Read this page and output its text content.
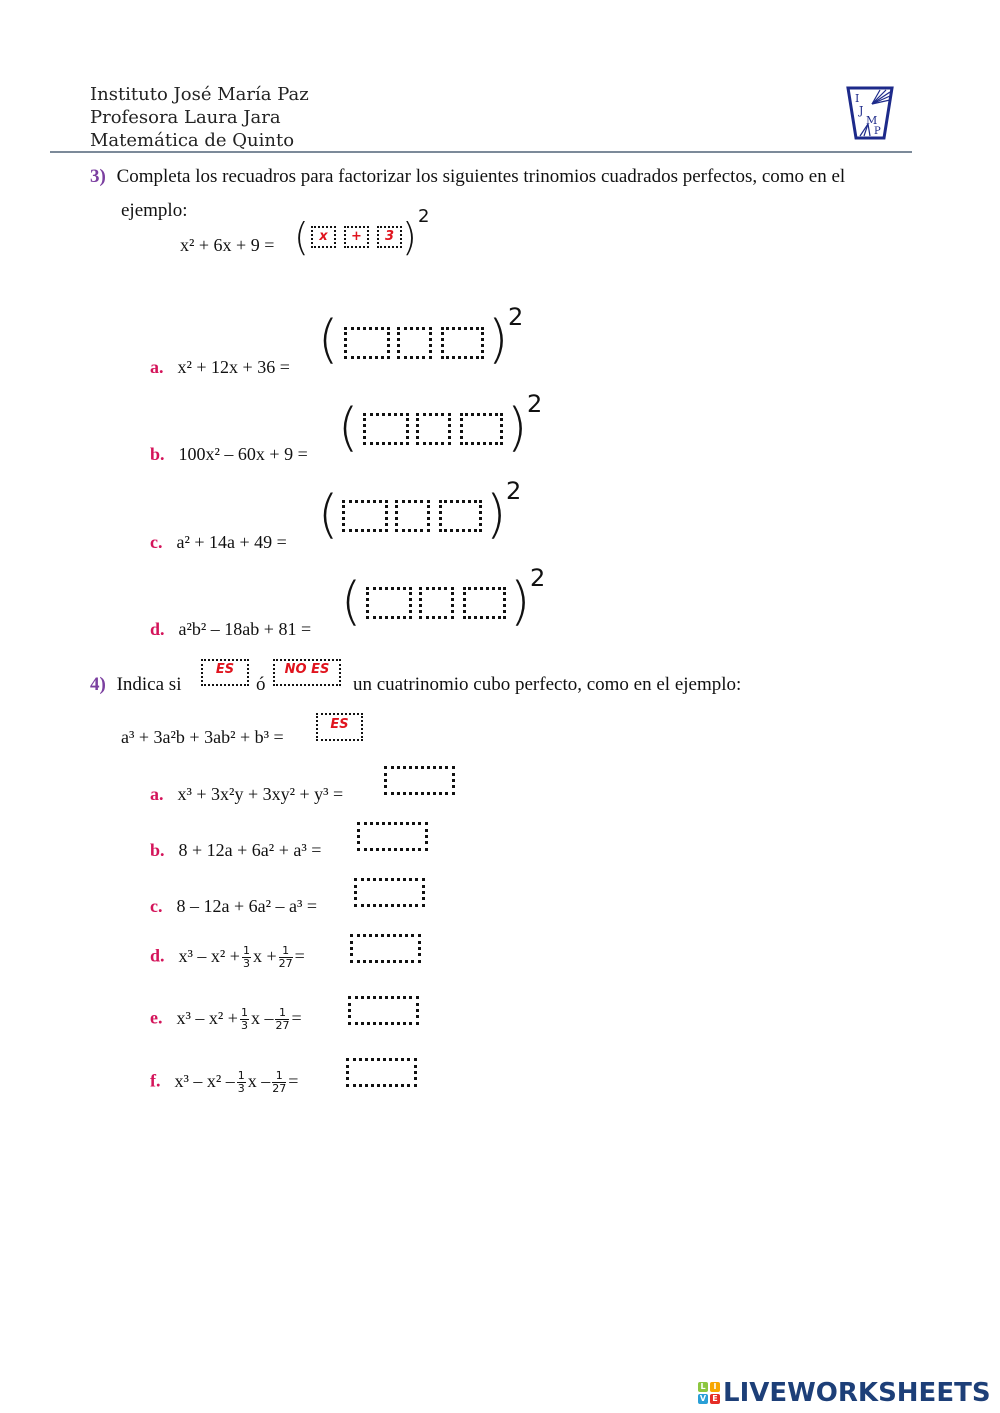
Instituto José María Paz
Profesora Laura Jara
Matemática de Quinto
I
J
M
P
3) Completa los recuadros para factorizar los siguientes trinomios cuadrados perfectos, como en el
ejemplo:
x² + 6x + 9 = ( x	+	3 ) 2
a. x² + 12x + 36 = (	) 2
b. 100x² – 60x + 9 = (	) 2
c. a² + 14a + 49 = (	) 2
d. a²b² – 18ab + 81 = (	) 2
4) Indica si
ES
ó
NO ES
un cuatrinomio cubo perfecto, como en el ejemplo:
a³ + 3a²b + 3ab² + b³ =
ES
a. x³ + 3x²y + 3xy² + y³ =
b. 8 + 12a + 6a² + a³ =
c. 8 – 12a + 6a² – a³ =
d. $x^3 - x^2 + \frac{1}{3}$ $x + \frac{1}{27}$ =
e. $x^3 - x^2 + \frac{1}{3}$ x – $\frac{1}{27}$ =
f. $x^3 - x^2 - \frac{1}{3}$ x – $\frac{1}{27}$ =
L I
V E LIVEWORKSHEETS
